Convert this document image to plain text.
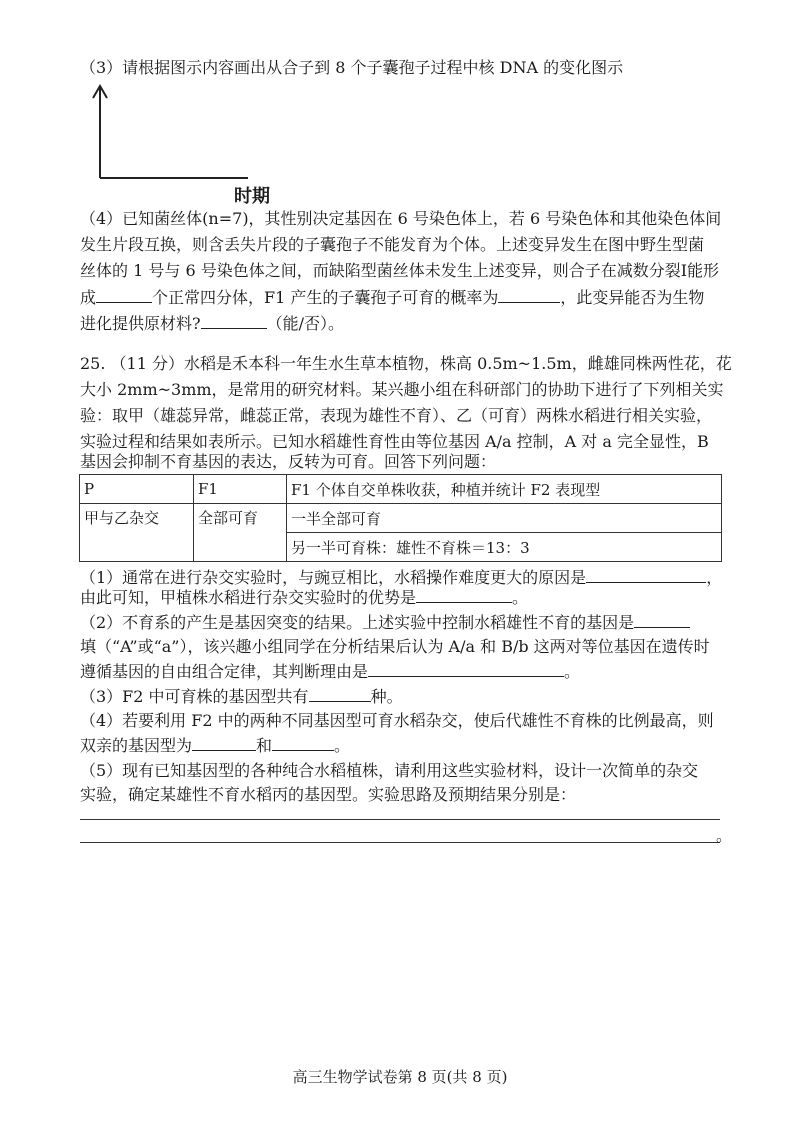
（3）请根据图示内容画出从合子到 8 个子囊孢子过程中核 DNA 的变化图示
时期
（4）已知菌丝体(n=7)，其性别决定基因在 6 号染色体上，若 6 号染色体和其他染色体间
发生片段互换，则含丢失片段的子囊孢子不能发育为个体。上述变异发生在图中野生型菌
丝体的 1 号与 6 号染色体之间，而缺陷型菌丝体未发生上述变异，则合子在减数分裂Ⅰ能形
成	个正常四分体，F1 产生的子囊孢子可育的概率为	，此变异能否为生物
进化提供原材料?	（能/否）。
25. （11 分）水稻是禾本科一年生水生草本植物，株高 0.5m~1.5m，雌雄同株两性花，花
大小 2mm~3mm，是常用的研究材料。某兴趣小组在科研部门的协助下进行了下列相关实
验：取甲（雄蕊异常，雌蕊正常，表现为雄性不育）、乙（可育）两株水稻进行相关实验，
实验过程和结果如表所示。已知水稻雄性育性由等位基因 A/a 控制，A 对 a 完全显性，B
基因会抑制不育基因的表达，反转为可育。回答下列问题：
P	F1	F1 个体自交单株收获，种植并统计 F2 表现型
甲与乙杂交	全部可育	一半全部可育
		另一半可育株：雄性不育株＝13：3
（1）通常在进行杂交实验时，与豌豆相比，水稻操作难度更大的原因是	，
由此可知，甲植株水稻进行杂交实验时的优势是	。
（2）不育系的产生是基因突变的结果。上述实验中控制水稻雄性不育的基因是
填（“A”或“a”），该兴趣小组同学在分析结果后认为 A/a 和 B/b 这两对等位基因在遗传时
遵循基因的自由组合定律，其判断理由是	。
（3）F2 中可育株的基因型共有	种。
（4）若要利用 F2 中的两种不同基因型可育水稻杂交，使后代雄性不育株的比例最高，则
双亲的基因型为	和	。
（5）现有已知基因型的各种纯合水稻植株，请利用这些实验材料，设计一次简单的杂交
实验，确定某雄性不育水稻丙的基因型。实验思路及预期结果分别是：
。
高三生物学试卷第 8 页(共 8 页)
